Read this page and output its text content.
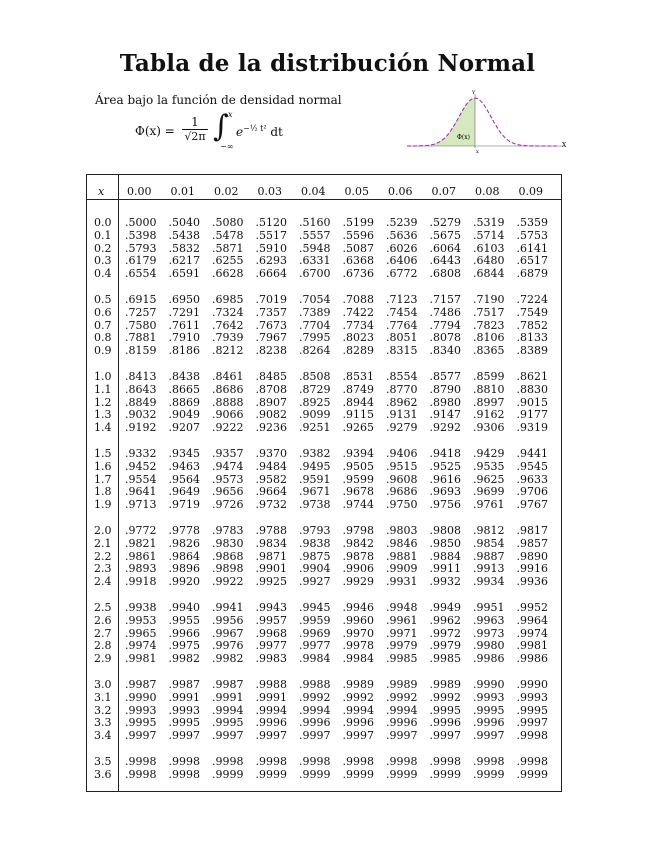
Tabla de la distribución Normal
Área bajo la función de densidad normal
$\Phi(x) = \frac{1}{√2\pi}$ ∫ x
−∞
$e^{-\frac{1}{2} t^2}$ dt
Y
X
Φ(x)
x
x 0.00 0.01 0.02 0.03 0.04 0.05 0.06 0.07 0.08 0.09
0.0 .5000 .5040 .5080 .5120 .5160 .5199 .5239 .5279 .5319 .5359
0.1 .5398 .5438 .5478 .5517 .5557 .5596 .5636 .5675 .5714 .5753
0.2 .5793 .5832 .5871 .5910 .5948 .5087 .6026 .6064 .6103 .6141
0.3 .6179 .6217 .6255 .6293 .6331 .6368 .6406 .6443 .6480 .6517
0.4 .6554 .6591 .6628 .6664 .6700 .6736 .6772 .6808 .6844 .6879
0.5 .6915 .6950 .6985 .7019 .7054 .7088 .7123 .7157 .7190 .7224
0.6 .7257 .7291 .7324 .7357 .7389 .7422 .7454 .7486 .7517 .7549
0.7 .7580 .7611 .7642 .7673 .7704 .7734 .7764 .7794 .7823 .7852
0.8 .7881 .7910 .7939 .7967 .7995 .8023 .8051 .8078 .8106 .8133
0.9 .8159 .8186 .8212 .8238 .8264 .8289 .8315 .8340 .8365 .8389
1.0 .8413 .8438 .8461 .8485 .8508 .8531 .8554 .8577 .8599 .8621
1.1 .8643 .8665 .8686 .8708 .8729 .8749 .8770 .8790 .8810 .8830
1.2 .8849 .8869 .8888 .8907 .8925 .8944 .8962 .8980 .8997 .9015
1.3 .9032 .9049 .9066 .9082 .9099 .9115 .9131 .9147 .9162 .9177
1.4 .9192 .9207 .9222 .9236 .9251 .9265 .9279 .9292 .9306 .9319
1.5 .9332 .9345 .9357 .9370 .9382 .9394 .9406 .9418 .9429 .9441
1.6 .9452 .9463 .9474 .9484 .9495 .9505 .9515 .9525 .9535 .9545
1.7 .9554 .9564 .9573 .9582 .9591 .9599 .9608 .9616 .9625 .9633
1.8 .9641 .9649 .9656 .9664 .9671 .9678 .9686 .9693 .9699 .9706
1.9 .9713 .9719 .9726 .9732 .9738 .9744 .9750 .9756 .9761 .9767
2.0 .9772 .9778 .9783 .9788 .9793 .9798 .9803 .9808 .9812 .9817
2.1 .9821 .9826 .9830 .9834 .9838 .9842 .9846 .9850 .9854 .9857
2.2 .9861 .9864 .9868 .9871 .9875 .9878 .9881 .9884 .9887 .9890
2.3 .9893 .9896 .9898 .9901 .9904 .9906 .9909 .9911 .9913 .9916
2.4 .9918 .9920 .9922 .9925 .9927 .9929 .9931 .9932 .9934 .9936
2.5 .9938 .9940 .9941 .9943 .9945 .9946 .9948 .9949 .9951 .9952
2.6 .9953 .9955 .9956 .9957 .9959 .9960 .9961 .9962 .9963 .9964
2.7 .9965 .9966 .9967 .9968 .9969 .9970 .9971 .9972 .9973 .9974
2.8 .9974 .9975 .9976 .9977 .9977 .9978 .9979 .9979 .9980 .9981
2.9 .9981 .9982 .9982 .9983 .9984 .9984 .9985 .9985 .9986 .9986
3.0 .9987 .9987 .9987 .9988 .9988 .9989 .9989 .9989 .9990 .9990
3.1 .9990 .9991 .9991 .9991 .9992 .9992 .9992 .9992 .9993 .9993
3.2 .9993 .9993 .9994 .9994 .9994 .9994 .9994 .9995 .9995 .9995
3.3 .9995 .9995 .9995 .9996 .9996 .9996 .9996 .9996 .9996 .9997
3.4 .9997 .9997 .9997 .9997 .9997 .9997 .9997 .9997 .9997 .9998
3.5 .9998 .9998 .9998 .9998 .9998 .9998 .9998 .9998 .9998 .9998
3.6 .9998 .9998 .9999 .9999 .9999 .9999 .9999 .9999 .9999 .9999
